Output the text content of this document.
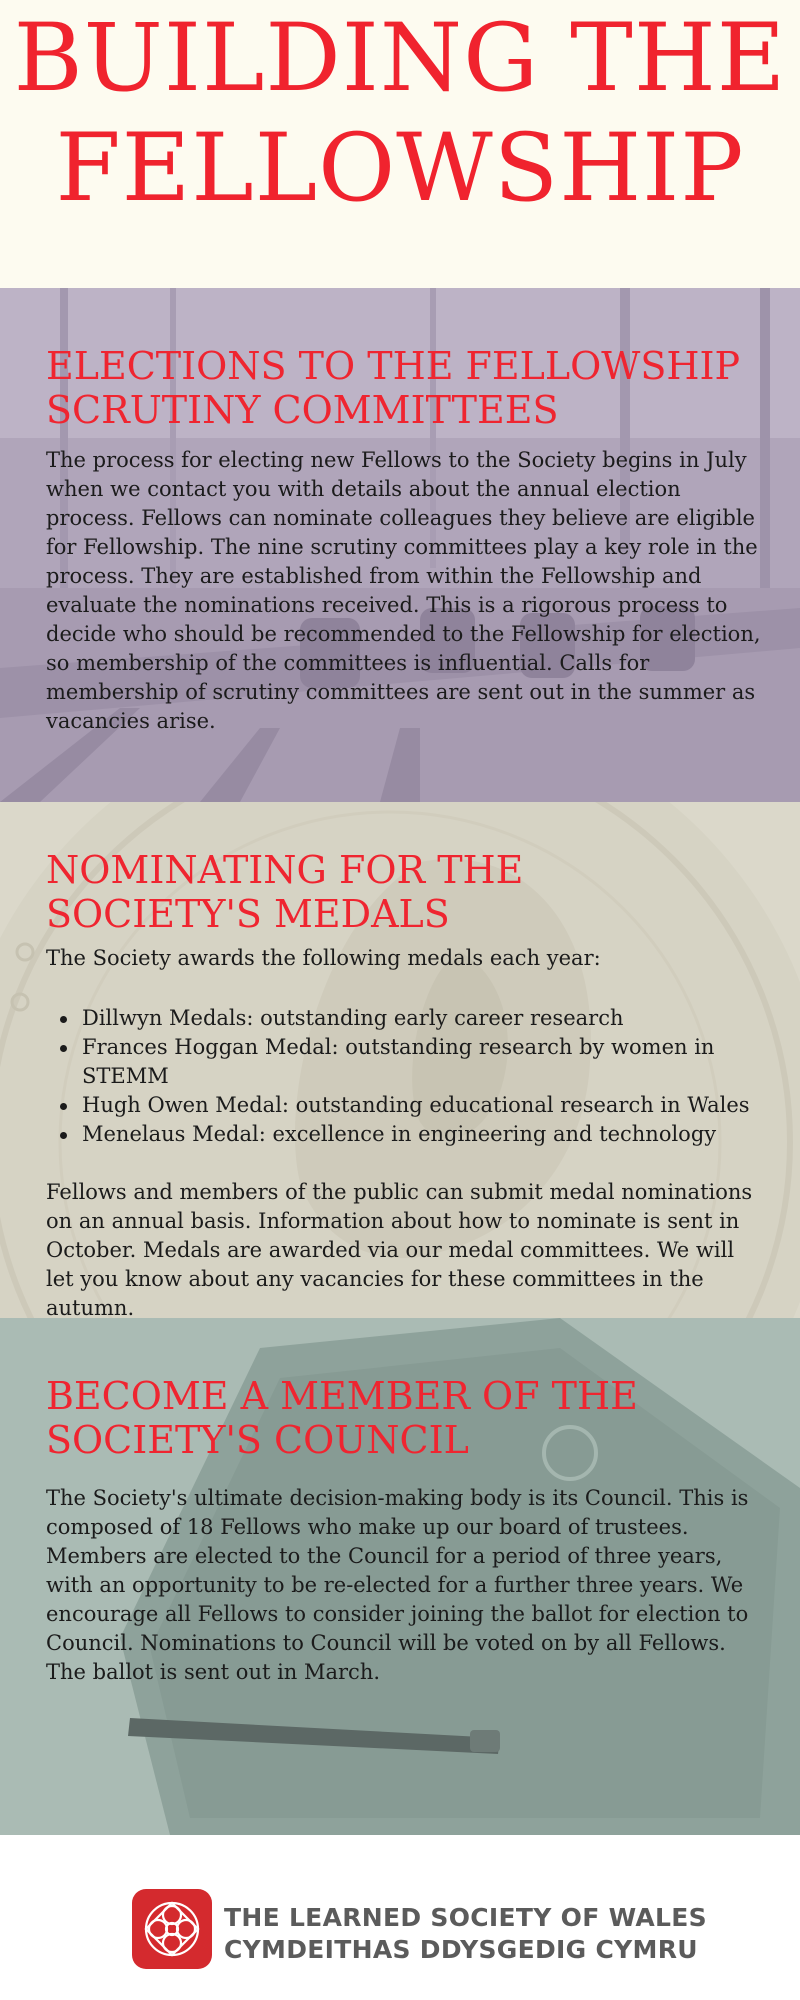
BUILDING THE
FELLOWSHIP
ELECTIONS TO THE FELLOWSHIP
SCRUTINY COMMITTEES

The process for electing new Fellows to the Society begins in July when we contact you with details about the annual election process. Fellows can nominate colleagues they believe are eligible for Fellowship. The nine scrutiny committees play a key role in the process. They are established from within the Fellowship and evaluate the nominations received. This is a rigorous process to decide who should be recommended to the Fellowship for election, so membership of the committees is influential. Calls for membership of scrutiny committees are sent out in the summer as vacancies arise.

NOMINATING FOR THE
SOCIETY'S MEDALS

The Society awards the following medals each year:

Dillwyn Medals: outstanding early career research
Frances Hoggan Medal: outstanding research by women in STEMM
Hugh Owen Medal: outstanding educational research in Wales
Menelaus Medal: excellence in engineering and technology

Fellows and members of the public can submit medal nominations on an annual basis. Information about how to nominate is sent in October. Medals are awarded via our medal committees. We will let you know about any vacancies for these committees in the autumn.

BECOME A MEMBER OF THE
SOCIETY'S COUNCIL

The Society's ultimate decision-making body is its Council. This is composed of 18 Fellows who make up our board of trustees. Members are elected to the Council for a period of three years, with an opportunity to be re-elected for a further three years. We encourage all Fellows to consider joining the ballot for election to Council. Nominations to Council will be voted on by all Fellows. The ballot is sent out in March.

THE LEARNED SOCIETY OF WALES
CYMDEITHAS DDYSGEDIG CYMRU
